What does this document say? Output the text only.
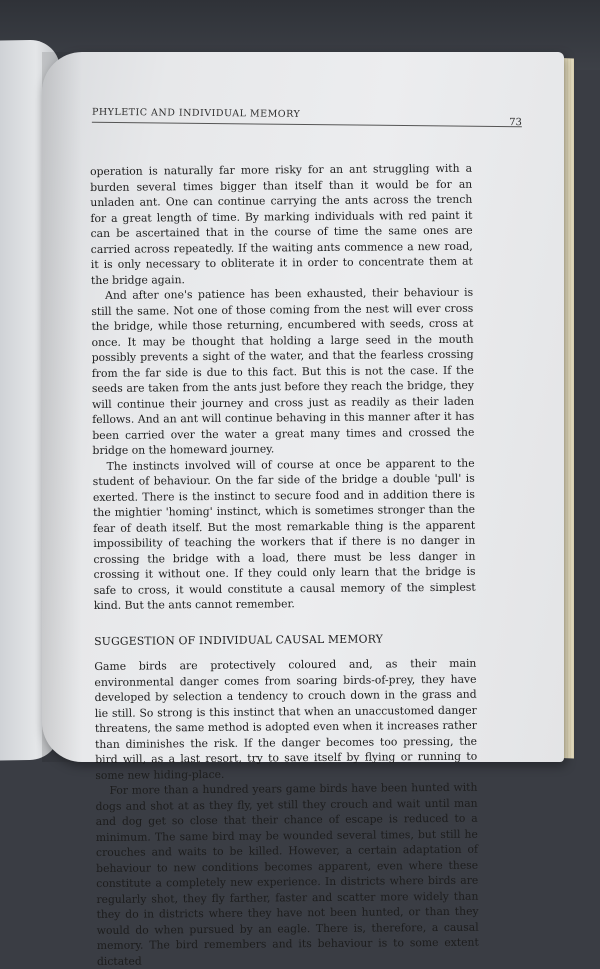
PHYLETIC AND INDIVIDUAL MEMORY
73

operation is naturally far more risky for an ant struggling with a burden several times bigger than itself than it would be for an unladen ant. One can continue carrying the ants across the trench for a great length of time. By marking individuals with red paint it can be ascertained that in the course of time the same ones are carried across repeatedly. If the waiting ants commence a new road, it is only necessary to obliterate it in order to concentrate them at the bridge again.

And after one's patience has been exhausted, their behaviour is still the same. Not one of those coming from the nest will ever cross the bridge, while those returning, encumbered with seeds, cross at once. It may be thought that holding a large seed in the mouth possibly prevents a sight of the water, and that the fearless crossing from the far side is due to this fact. But this is not the case. If the seeds are taken from the ants just before they reach the bridge, they will continue their journey and cross just as readily as their laden fellows. And an ant will continue behaving in this manner after it has been carried over the water a great many times and crossed the bridge on the homeward journey.

The instincts involved will of course at once be apparent to the student of behaviour. On the far side of the bridge a double 'pull' is exerted. There is the instinct to secure food and in addition there is the mightier 'homing' instinct, which is sometimes stronger than the fear of death itself. But the most remarkable thing is the apparent impossibility of teaching the workers that if there is no danger in crossing the bridge with a load, there must be less danger in crossing it without one. If they could only learn that the bridge is safe to cross, it would constitute a causal memory of the simplest kind. But the ants cannot remember.

SUGGESTION OF INDIVIDUAL CAUSAL MEMORY

Game birds are protectively coloured and, as their main environmental danger comes from soaring birds-of-prey, they have developed by selection a tendency to crouch down in the grass and lie still. So strong is this instinct that when an unaccustomed danger threatens, the same method is adopted even when it increases rather than diminishes the risk. If the danger becomes too pressing, the bird will, as a last resort, try to save itself by flying or running to some new hiding-place.

For more than a hundred years game birds have been hunted with dogs and shot at as they fly, yet still they crouch and wait until man and dog get so close that their chance of escape is reduced to a minimum. The same bird may be wounded several times, but still he crouches and waits to be killed. However, a certain adaptation of behaviour to new conditions becomes apparent, even where these constitute a completely new experience. In districts where birds are regularly shot, they fly farther, faster and scatter more widely than they do in districts where they have not been hunted, or than they would do when pursued by an eagle. There is, therefore, a causal memory. The bird remembers and its behaviour is to some extent dictated
